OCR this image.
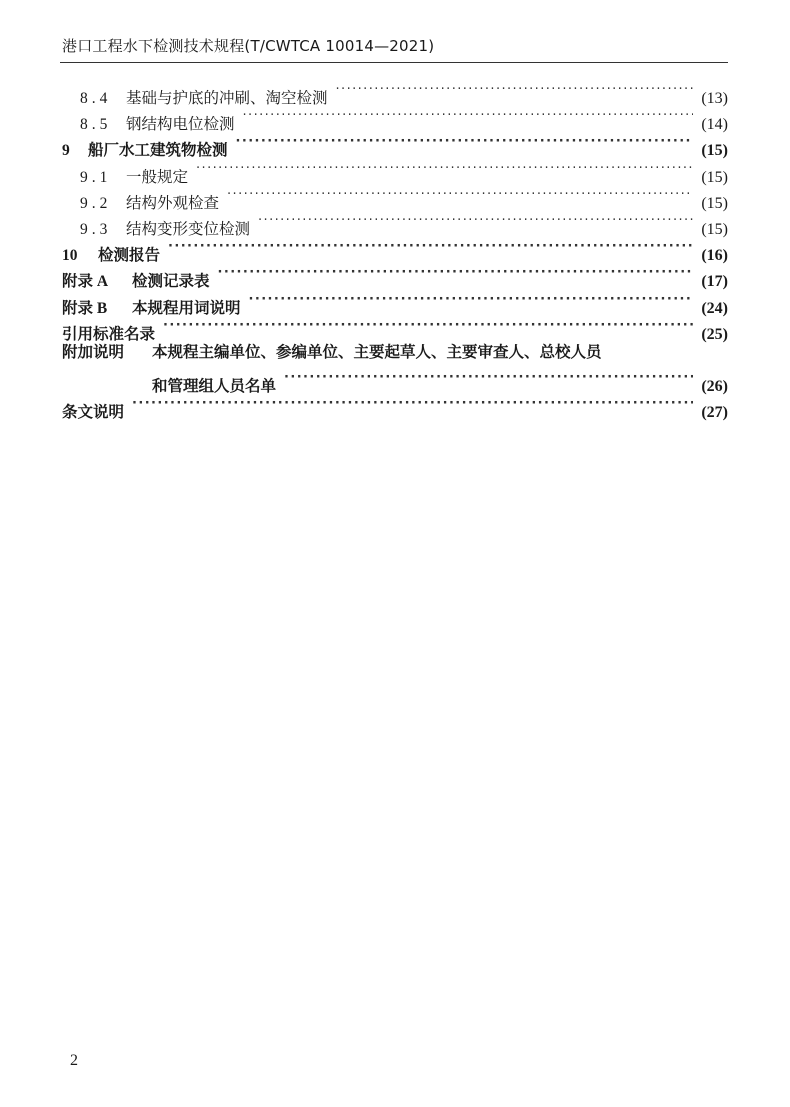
港口工程水下检测技术规程(T/CWTCA 10014—2021)
8.4 基础与护底的冲刷、淘空检测 ·····	(13)
8.5 钢结构电位检测 ·····	(14)
9	船厂水工建筑物检测 ·····	(15)
9.1 一般规定 ·····	(15)
9.2 结构外观检查 ·····	(15)
9.3 结构变形变位检测 ·····	(15)
10	检测报告 ·····	(16)
附录 A	检测记录表 ·····	(17)
附录 B	本规程用词说明 ·····	(24)
引用标准名录 ·····	(25)
附加说明	本规程主编单位、参编单位、主要起草人、主要审查人、总校人员
和管理组人员名单 ·····	(26)
条文说明 ·····	(27)
2
